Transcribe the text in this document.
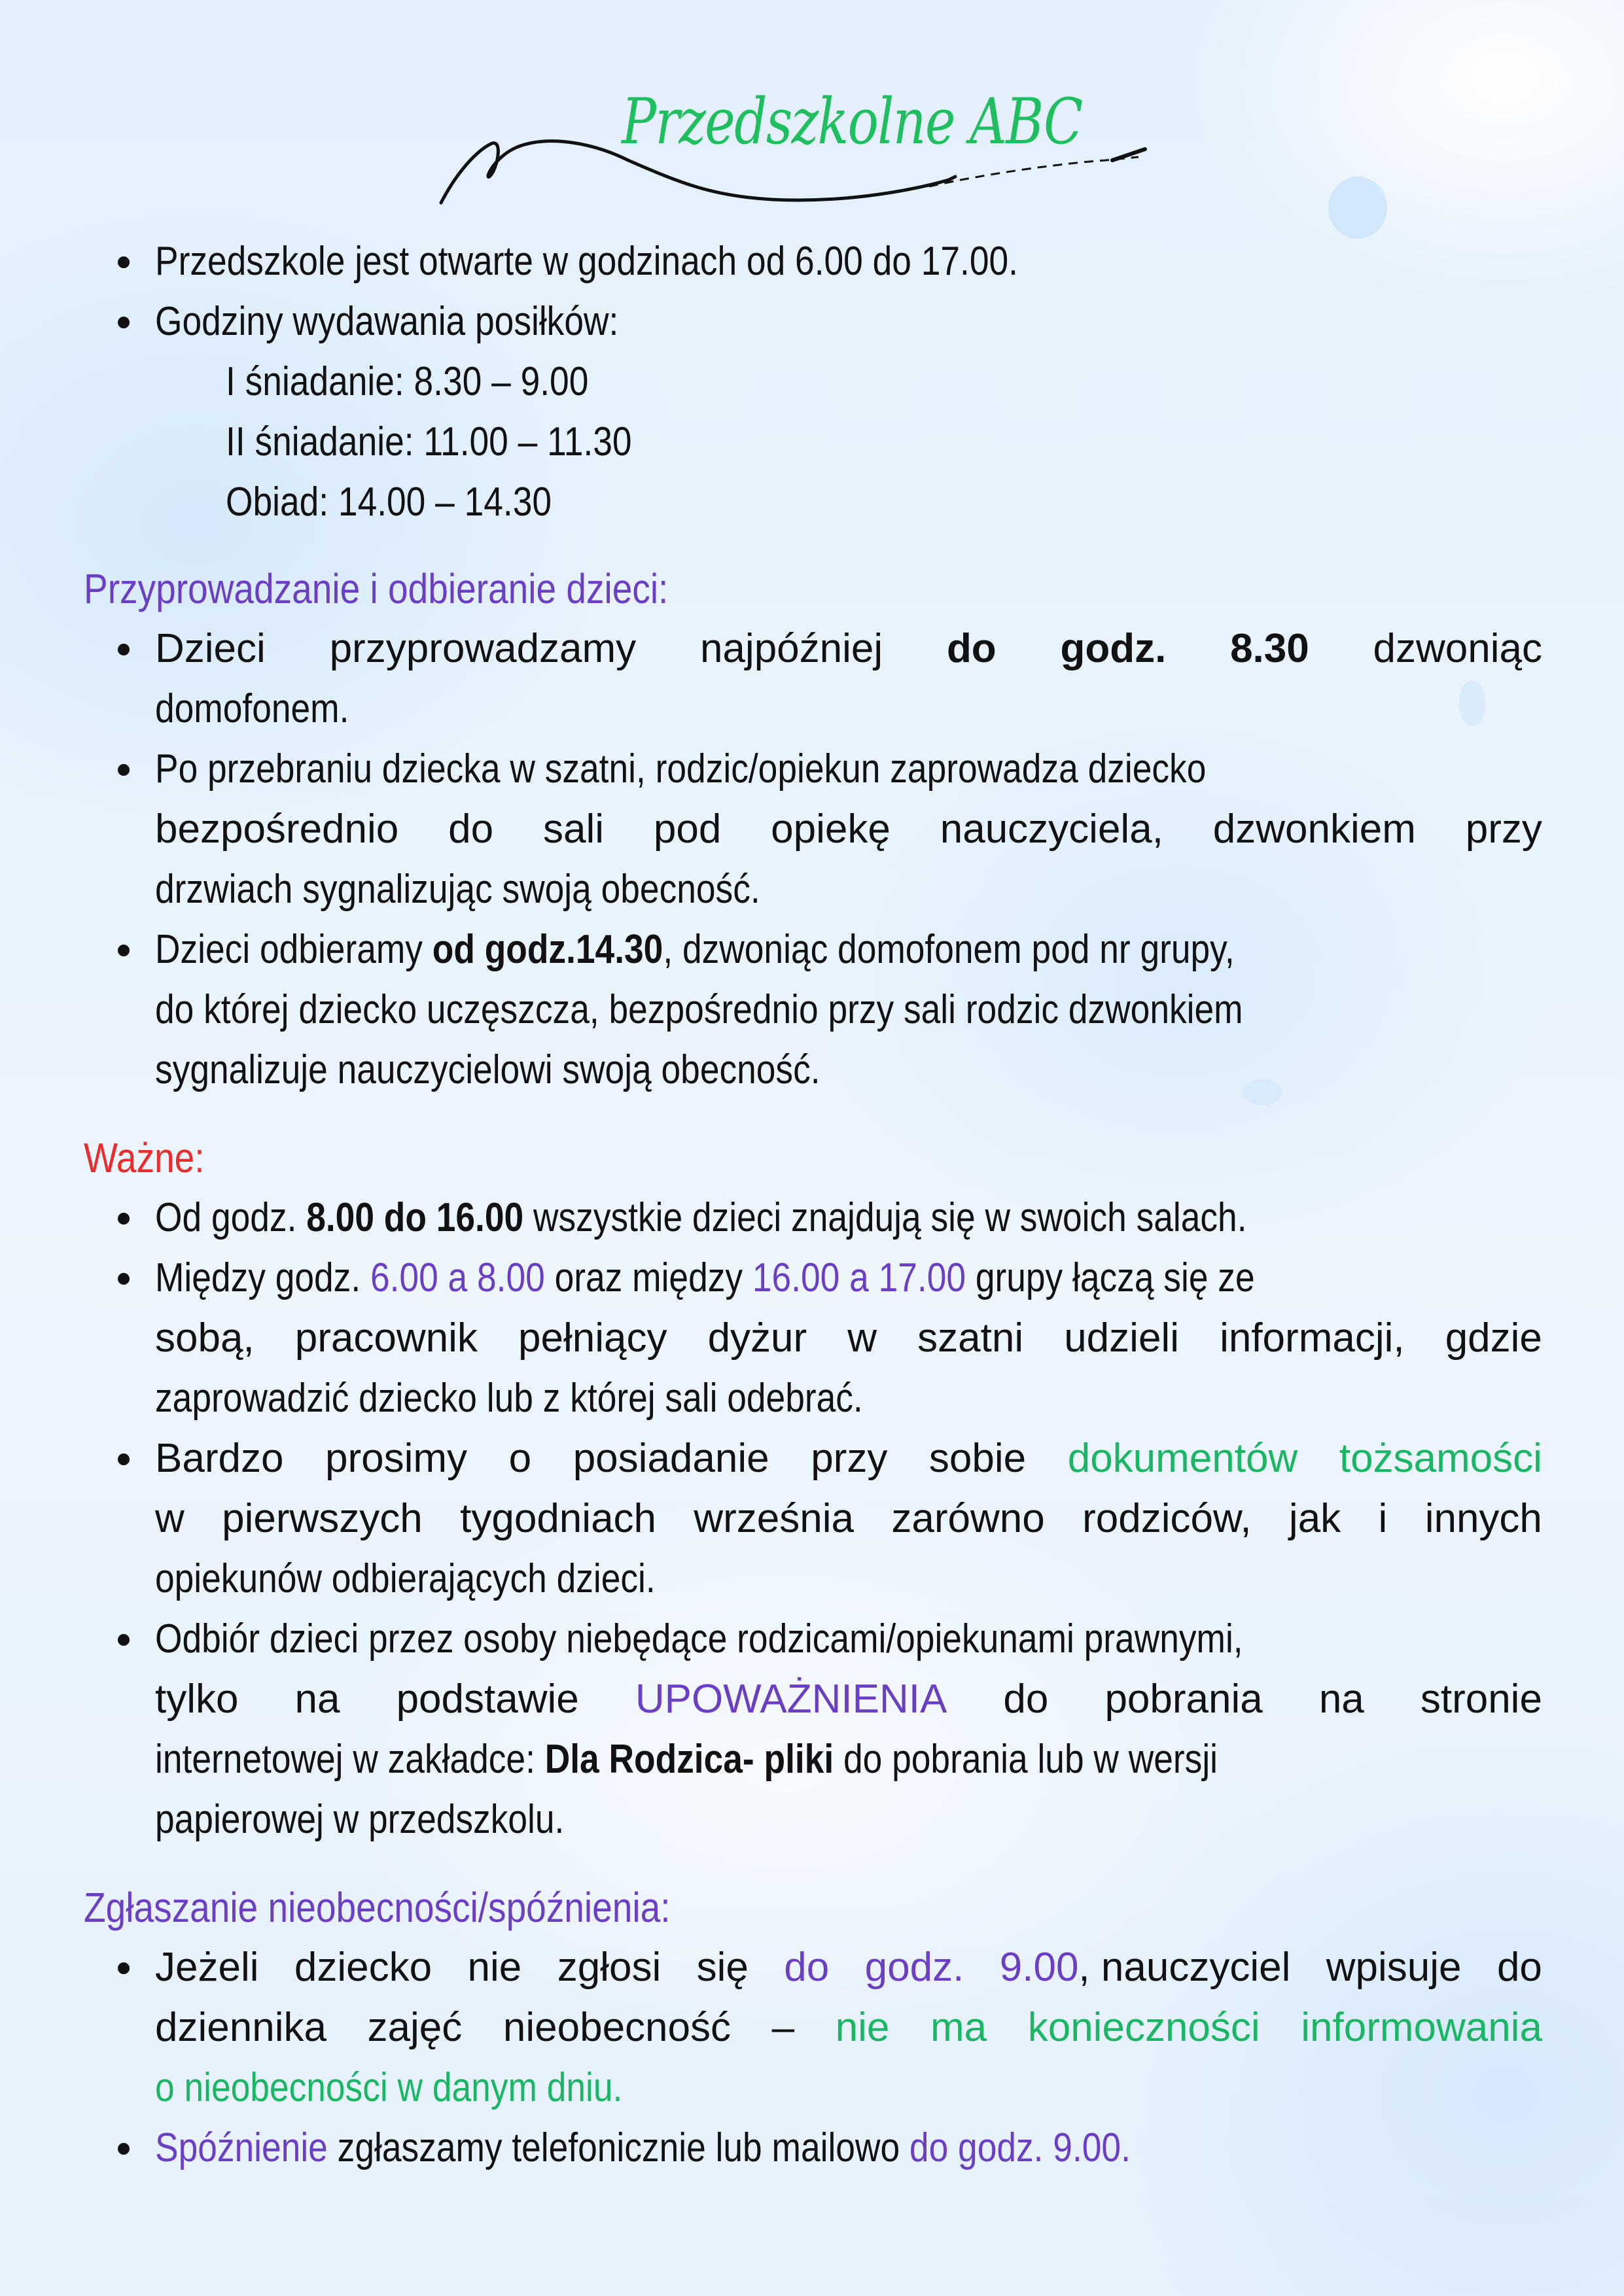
Przedszkolne ABC
Przedszkole jest otwarte w godzinach od 6.00 do 17.00.
Godziny wydawania posiłków:
I śniadanie: 8.30 – 9.00
II śniadanie: 11.00 – 11.30
Obiad: 14.00 – 14.30
Przyprowadzanie i odbieranie dzieci:
Dzieci przyprowadzamy najpóźniej do godz. 8.30 dzwoniąc
domofonem.
Po przebraniu dziecka w szatni, rodzic/opiekun zaprowadza dziecko
bezpośrednio do sali pod opiekę nauczyciela, dzwonkiem przy
drzwiach sygnalizując swoją obecność.
Dzieci odbieramy od godz.14.30, dzwoniąc domofonem pod nr grupy,
do której dziecko uczęszcza, bezpośrednio przy sali rodzic dzwonkiem
sygnalizuje nauczycielowi swoją obecność.
Ważne:
Od godz. 8.00 do 16.00 wszystkie dzieci znajdują się w swoich salach.
Między godz. 6.00 a 8.00 oraz między 16.00 a 17.00 grupy łączą się ze
sobą, pracownik pełniący dyżur w szatni udzieli informacji, gdzie
zaprowadzić dziecko lub z której sali odebrać.
Bardzo prosimy o posiadanie przy sobie dokumentów tożsamości
w pierwszych tygodniach września zarówno rodziców, jak i innych
opiekunów odbierających dzieci.
Odbiór dzieci przez osoby niebędące rodzicami/opiekunami prawnymi,
tylko na podstawie UPOWAŻNIENIA do pobrania na stronie
internetowej w zakładce: Dla Rodzica- pliki do pobrania lub w wersji
papierowej w przedszkolu.
Zgłaszanie nieobecności/spóźnienia:
Jeżeli dziecko nie zgłosi się do godz. 9.00, nauczyciel wpisuje do
dziennika zajęć nieobecność – nie ma konieczności informowania
o nieobecności w danym dniu.
Spóźnienie zgłaszamy telefonicznie lub mailowo do godz. 9.00.
